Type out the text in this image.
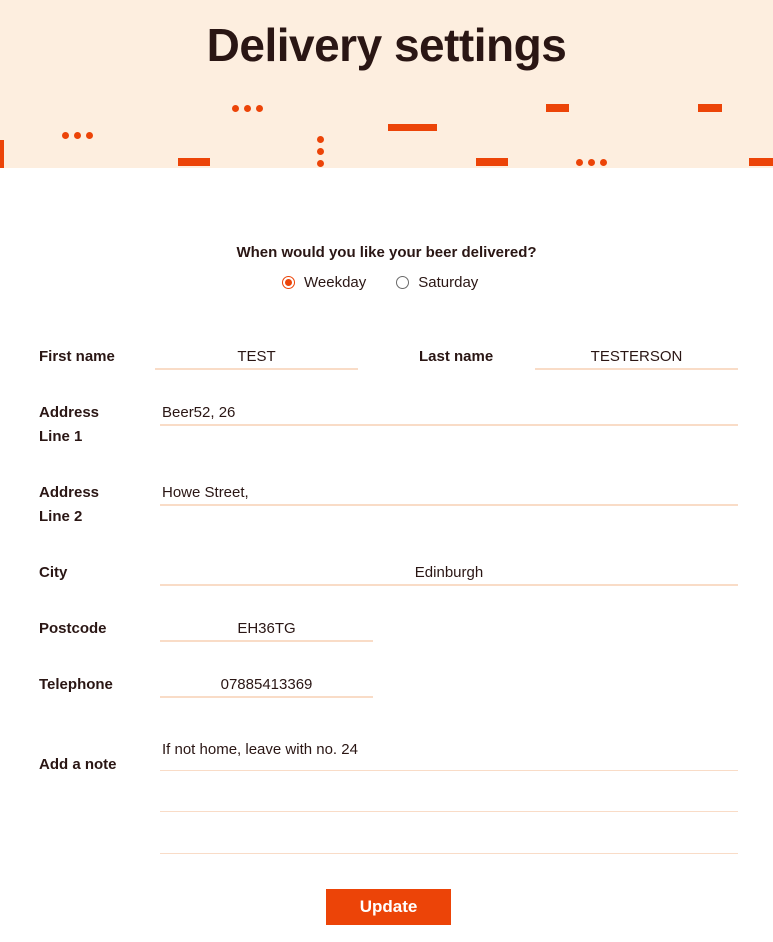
Delivery settings
When would you like your beer delivered?
Weekday	Saturday
First name
TEST	Last name
TESTERSON
Address
Line 1
Beer52, 26
Address
Line 2
Howe Street,
City
Edinburgh
Postcode
EH36TG
Telephone
07885413369
Add a note
If not home, leave with no. 24
Update
